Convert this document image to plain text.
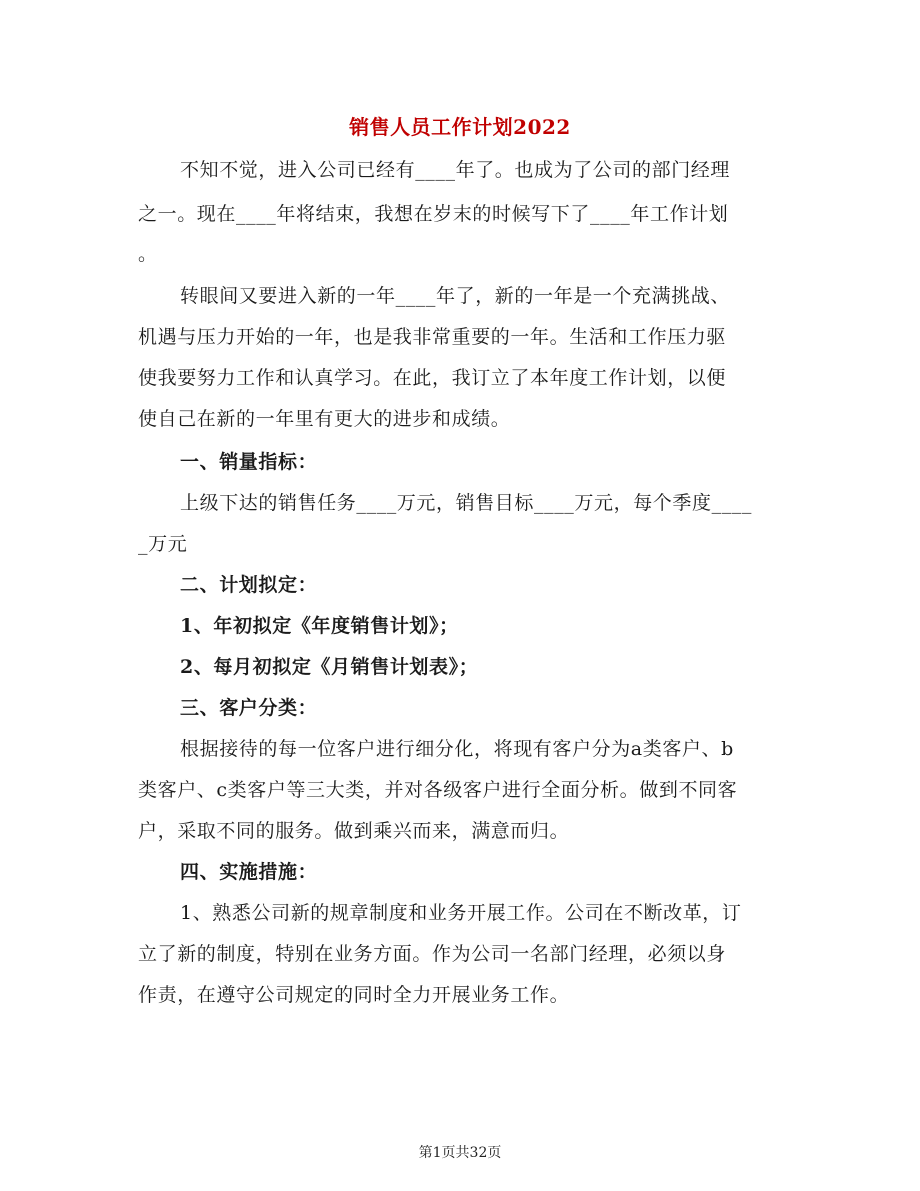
销售人员工作计划2022
不知不觉，进入公司已经有____年了。也成为了公司的部门经理
之一。现在____年将结束，我想在岁末的时候写下了____年工作计划
。
转眼间又要进入新的一年____年了，新的一年是一个充满挑战、
机遇与压力开始的一年，也是我非常重要的一年。生活和工作压力驱
使我要努力工作和认真学习。在此，我订立了本年度工作计划，以便
使自己在新的一年里有更大的进步和成绩。
一、销量指标：
上级下达的销售任务____万元，销售目标____万元，每个季度____
_万元
二、计划拟定：
1、年初拟定《年度销售计划》；
2、每月初拟定《月销售计划表》；
三、客户分类：
根据接待的每一位客户进行细分化，将现有客户分为a类客户、b
类客户、c类客户等三大类，并对各级客户进行全面分析。做到不同客
户，采取不同的服务。做到乘兴而来，满意而归。
四、实施措施：
1、熟悉公司新的规章制度和业务开展工作。公司在不断改革，订
立了新的制度，特别在业务方面。作为公司一名部门经理，必须以身
作责，在遵守公司规定的同时全力开展业务工作。
第1页共32页
